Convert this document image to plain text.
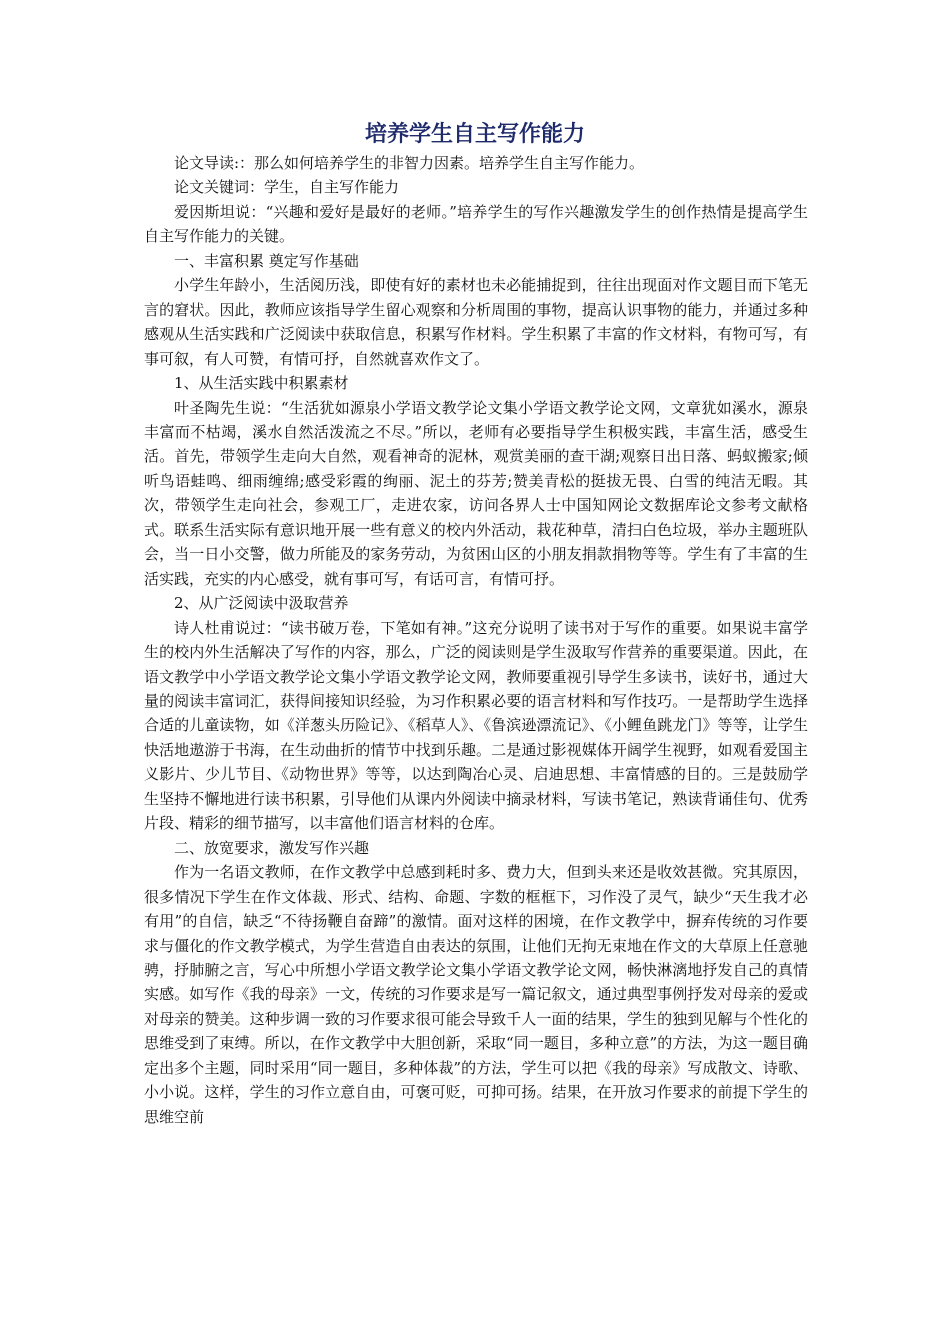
培养学生自主写作能力

论文导读:：那么如何培养学生的非智力因素。培养学生自主写作能力。

论文关键词：学生，自主写作能力

爱因斯坦说：“兴趣和爱好是最好的老师。”培养学生的写作兴趣激发学生的创作热情是提高学生自主写作能力的关键。

一、丰富积累 奠定写作基础

小学生年龄小，生活阅历浅，即使有好的素材也未必能捕捉到，往往出现面对作文题目而下笔无言的窘状。因此，教师应该指导学生留心观察和分析周围的事物，提高认识事物的能力，并通过多种感观从生活实践和广泛阅读中获取信息，积累写作材料。学生积累了丰富的作文材料，有物可写，有事可叙，有人可赞，有情可抒，自然就喜欢作文了。

1、从生活实践中积累素材

叶圣陶先生说：“生活犹如源泉小学语文教学论文集小学语文教学论文网，文章犹如溪水，源泉丰富而不枯竭，溪水自然活泼流之不尽。”所以，老师有必要指导学生积极实践，丰富生活，感受生活。首先，带领学生走向大自然，观看神奇的泥林，观赏美丽的查干湖;观察日出日落、蚂蚁搬家;倾听鸟语蛙鸣、细雨缠绵;感受彩霞的绚丽、泥土的芬芳;赞美青松的挺拔无畏、白雪的纯洁无暇。其次，带领学生走向社会，参观工厂，走进农家，访问各界人士中国知网论文数据库论文参考文献格式。联系生活实际有意识地开展一些有意义的校内外活动，栽花种草，清扫白色垃圾，举办主题班队会，当一日小交警，做力所能及的家务劳动，为贫困山区的小朋友捐款捐物等等。学生有了丰富的生活实践，充实的内心感受，就有事可写，有话可言，有情可抒。

2、从广泛阅读中汲取营养

诗人杜甫说过：“读书破万卷，下笔如有神。”这充分说明了读书对于写作的重要。如果说丰富学生的校内外生活解决了写作的内容，那么，广泛的阅读则是学生汲取写作营养的重要渠道。因此，在语文教学中小学语文教学论文集小学语文教学论文网，教师要重视引导学生多读书，读好书，通过大量的阅读丰富词汇，获得间接知识经验，为习作积累必要的语言材料和写作技巧。一是帮助学生选择合适的儿童读物，如《洋葱头历险记》、《稻草人》、《鲁滨逊漂流记》、《小鲤鱼跳龙门》等等，让学生快活地遨游于书海，在生动曲折的情节中找到乐趣。二是通过影视媒体开阔学生视野，如观看爱国主义影片、少儿节目、《动物世界》等等，以达到陶冶心灵、启迪思想、丰富情感的目的。三是鼓励学生坚持不懈地进行读书积累，引导他们从课内外阅读中摘录材料，写读书笔记，熟读背诵佳句、优秀片段、精彩的细节描写，以丰富他们语言材料的仓库。

二、放宽要求，激发写作兴趣

作为一名语文教师，在作文教学中总感到耗时多、费力大，但到头来还是收效甚微。究其原因，很多情况下学生在作文体裁、形式、结构、命题、字数的框框下，习作没了灵气，缺少“天生我才必有用”的自信，缺乏“不待扬鞭自奋蹄”的激情。面对这样的困境，在作文教学中，摒弃传统的习作要求与僵化的作文教学模式，为学生营造自由表达的氛围，让他们无拘无束地在作文的大草原上任意驰骋，抒肺腑之言，写心中所想小学语文教学论文集小学语文教学论文网，畅快淋漓地抒发自己的真情实感。如写作《我的母亲》一文，传统的习作要求是写一篇记叙文，通过典型事例抒发对母亲的爱或对母亲的赞美。这种步调一致的习作要求很可能会导致千人一面的结果，学生的独到见解与个性化的思维受到了束缚。所以，在作文教学中大胆创新，采取“同一题目，多种立意”的方法，为这一题目确定出多个主题，同时采用“同一题目，多种体裁”的方法，学生可以把《我的母亲》写成散文、诗歌、小小说。这样，学生的习作立意自由，可褒可贬，可抑可扬。结果，在开放习作要求的前提下学生的思维空前
